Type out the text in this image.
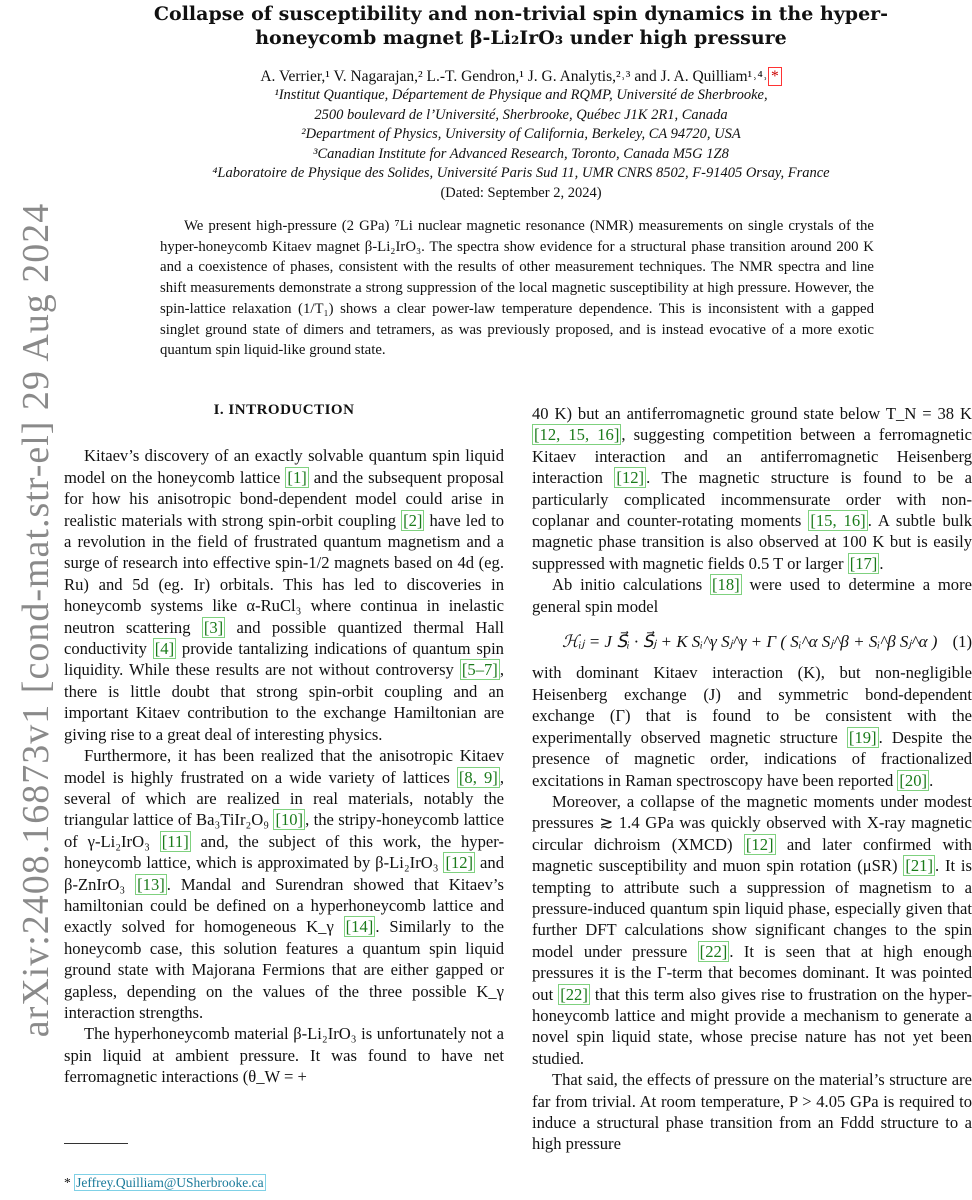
arXiv:2408.16873v1 [cond-mat.str-el] 29 Aug 2024
Collapse of susceptibility and non-trivial spin dynamics in the hyper-honeycomb magnet β-Li₂IrO₃ under high pressure
A. Verrier,¹ V. Nagarajan,² L.-T. Gendron,¹ J. G. Analytis,²˒³ and J. A. Quilliam¹˒⁴˒ *
¹Institut Quantique, Département de Physique and RQMP, Université de Sherbrooke,
2500 boulevard de l’Université, Sherbrooke, Québec J1K 2R1, Canada
²Department of Physics, University of California, Berkeley, CA 94720, USA
³Canadian Institute for Advanced Research, Toronto, Canada M5G 1Z8
⁴Laboratoire de Physique des Solides, Université Paris Sud 11, UMR CNRS 8502, F-91405 Orsay, France
(Dated: September 2, 2024)
We present high-pressure (2 GPa) ⁷Li nuclear magnetic resonance (NMR) measurements on single crystals of the hyper-honeycomb Kitaev magnet β-Li₂IrO₃. The spectra show evidence for a structural phase transition around 200 K and a coexistence of phases, consistent with the results of other measurement techniques. The NMR spectra and line shift measurements demonstrate a strong suppression of the local magnetic susceptibility at high pressure. However, the spin-lattice relaxation (1/T₁) shows a clear power-law temperature dependence. This is inconsistent with a gapped singlet ground state of dimers and tetramers, as was previously proposed, and is instead evocative of a more exotic quantum spin liquid-like ground state.
I. INTRODUCTION

Kitaev’s discovery of an exactly solvable quantum spin liquid model on the honeycomb lattice [1] and the subsequent proposal for how his anisotropic bond-dependent model could arise in realistic materials with strong spin-orbit coupling [2] have led to a revolution in the field of frustrated quantum magnetism and a surge of research into effective spin-1/2 magnets based on 4d (eg. Ru) and 5d (eg. Ir) orbitals. This has led to discoveries in honeycomb systems like α-RuCl₃ where continua in inelastic neutron scattering [3] and possible quantized thermal Hall conductivity [4] provide tantalizing indications of quantum spin liquidity. While these results are not without controversy [5–7] , there is little doubt that strong spin-orbit coupling and an important Kitaev contribution to the exchange Hamiltonian are giving rise to a great deal of interesting physics.

Furthermore, it has been realized that the anisotropic Kitaev model is highly frustrated on a wide variety of lattices [8, 9] , several of which are realized in real materials, notably the triangular lattice of Ba₃TiIr₂O₉ [10] , the stripy-honeycomb lattice of γ-Li₂IrO₃ [11] and, the subject of this work, the hyper-honeycomb lattice, which is approximated by β-Li₂IrO₃ [12] and β-ZnIrO₃ [13] . Mandal and Surendran showed that Kitaev’s hamiltonian could be defined on a hyperhoneycomb lattice and exactly solved for homogeneous K_γ [14] . Similarly to the honeycomb case, this solution features a quantum spin liquid ground state with Majorana Fermions that are either gapped or gapless, depending on the values of the three possible K_γ interaction strengths.

The hyperhoneycomb material β-Li₂IrO₃ is unfortunately not a spin liquid at ambient pressure. It was found to have net ferromagnetic interactions (θ_W = +

* Jeffrey.Quilliam@USherbrooke.ca

40 K) but an antiferromagnetic ground state below T_N = 38 K [12, 15, 16] , suggesting competition between a ferromagnetic Kitaev interaction and an antiferromagnetic Heisenberg interaction [12] . The magnetic structure is found to be a particularly complicated incommensurate order with non-coplanar and counter-rotating moments [15, 16] . A subtle bulk magnetic phase transition is also observed at 100 K but is easily suppressed with magnetic fields 0.5 T or larger [17] .

Ab initio calculations [18] were used to determine a more general spin model

ℋᵢⱼ = J S⃗ᵢ · S⃗ⱼ + K Sᵢ^γ Sⱼ^γ + Γ ( Sᵢ^α Sⱼ^β + Sᵢ^β Sⱼ^α ) (1)

with dominant Kitaev interaction (K), but non-negligible Heisenberg exchange (J) and symmetric bond-dependent exchange (Γ) that is found to be consistent with the experimentally observed magnetic structure [19] . Despite the presence of magnetic order, indications of fractionalized excitations in Raman spectroscopy have been reported [20] .

Moreover, a collapse of the magnetic moments under modest pressures ≳ 1.4 GPa was quickly observed with X-ray magnetic circular dichroism (XMCD) [12] and later confirmed with magnetic susceptibility and muon spin rotation (μSR) [21] . It is tempting to attribute such a suppression of magnetism to a pressure-induced quantum spin liquid phase, especially given that further DFT calculations show significant changes to the spin model under pressure [22] . It is seen that at high enough pressures it is the Γ-term that becomes dominant. It was pointed out [22] that this term also gives rise to frustration on the hyper-honeycomb lattice and might provide a mechanism to generate a novel spin liquid state, whose precise nature has not yet been studied.

That said, the effects of pressure on the material’s structure are far from trivial. At room temperature, P > 4.05 GPa is required to induce a structural phase transition from an Fddd structure to a high pressure
